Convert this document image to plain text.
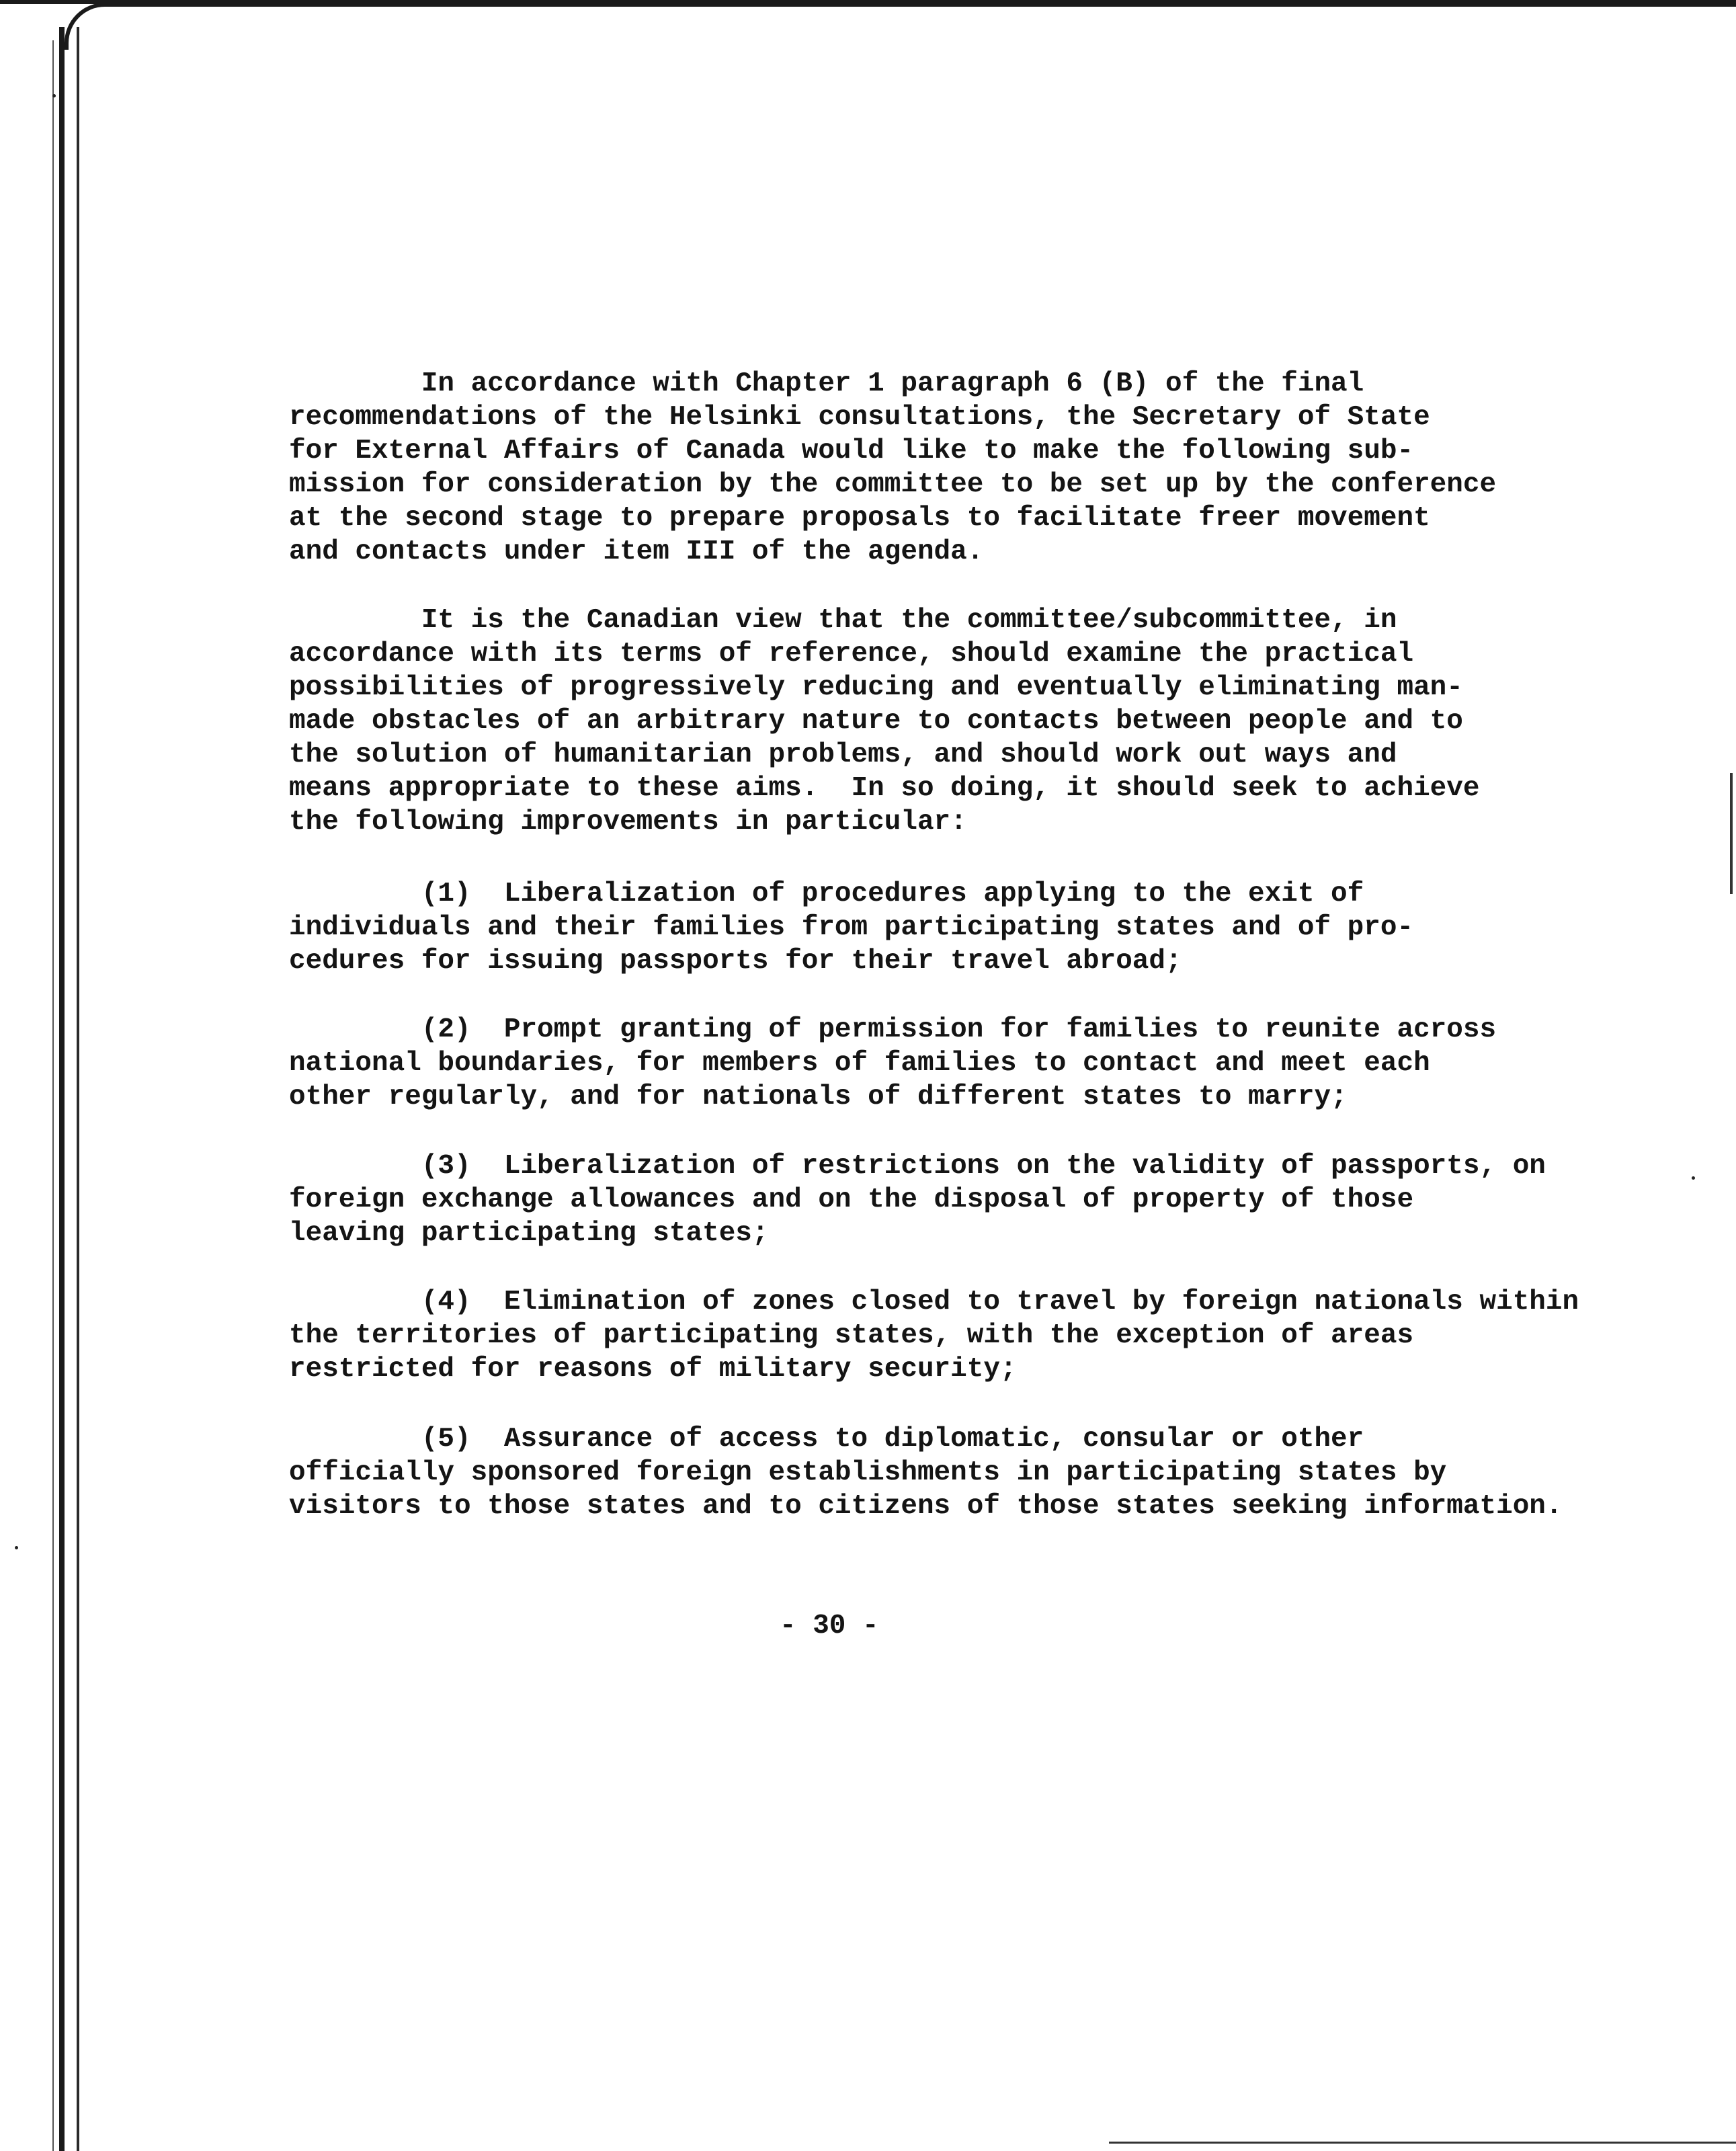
In accordance with Chapter 1 paragraph 6 (B) of the final
recommendations of the Helsinki consultations, the Secretary of State
for External Affairs of Canada would like to make the following sub-
mission for consideration by the committee to be set up by the conference
at the second stage to prepare proposals to facilitate freer movement
and contacts under item III of the agenda.

It is the Canadian view that the committee/subcommittee, in
accordance with its terms of reference, should examine the practical
possibilities of progressively reducing and eventually eliminating man-
made obstacles of an arbitrary nature to contacts between people and to
the solution of humanitarian problems, and should work out ways and
means appropriate to these aims.  In so doing, it should seek to achieve
the following improvements in particular:

(1)  Liberalization of procedures applying to the exit of
individuals and their families from participating states and of pro-
cedures for issuing passports for their travel abroad;

(2)  Prompt granting of permission for families to reunite across
national boundaries, for members of families to contact and meet each
other regularly, and for nationals of different states to marry;

(3)  Liberalization of restrictions on the validity of passports, on
foreign exchange allowances and on the disposal of property of those
leaving participating states;

(4)  Elimination of zones closed to travel by foreign nationals within
the territories of participating states, with the exception of areas
restricted for reasons of military security;

(5)  Assurance of access to diplomatic, consular or other
officially sponsored foreign establishments in participating states by
visitors to those states and to citizens of those states seeking information.

- 30 -
